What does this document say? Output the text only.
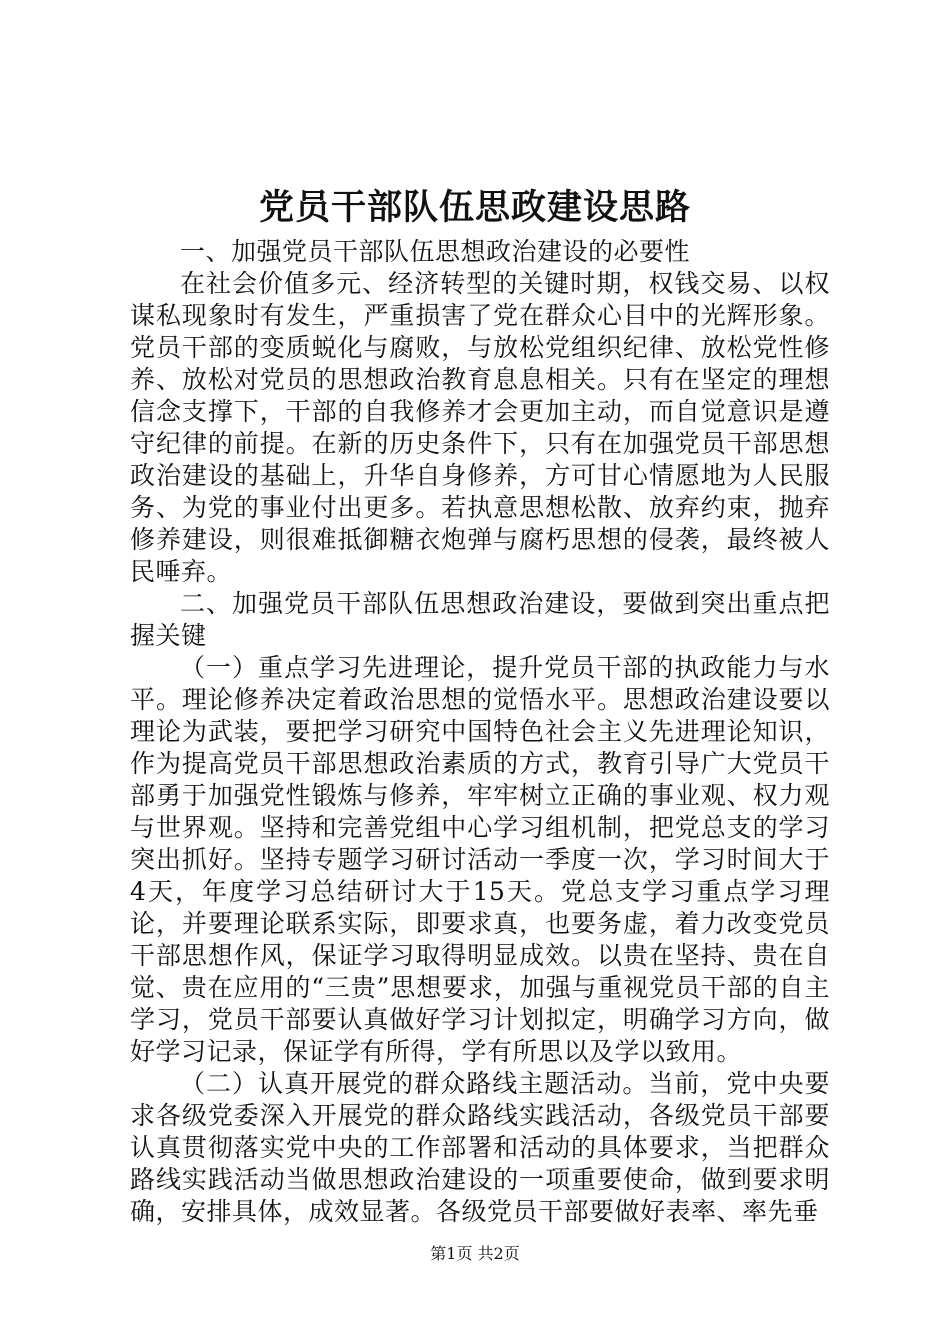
党员干部队伍思政建设思路

一、加强党员干部队伍思想政治建设的必要性

在社会价值多元、经济转型的关键时期，权钱交易、以权谋私现象时有发生，严重损害了党在群众心目中的光辉形象。党员干部的变质蜕化与腐败，与放松党组织纪律、放松党性修养、放松对党员的思想政治教育息息相关。只有在坚定的理想信念支撑下，干部的自我修养才会更加主动，而自觉意识是遵守纪律的前提。在新的历史条件下，只有在加强党员干部思想政治建设的基础上，升华自身修养，方可甘心情愿地为人民服务、为党的事业付出更多。若执意思想松散、放弃约束，抛弃修养建设，则很难抵御糖衣炮弹与腐朽思想的侵袭，最终被人民唾弃。

二、加强党员干部队伍思想政治建设，要做到突出重点把握关键

（一）重点学习先进理论，提升党员干部的执政能力与水平。理论修养决定着政治思想的觉悟水平。思想政治建设要以理论为武装，要把学习研究中国特色社会主义先进理论知识，作为提高党员干部思想政治素质的方式，教育引导广大党员干部勇于加强党性锻炼与修养，牢牢树立正确的事业观、权力观与世界观。坚持和完善党组中心学习组机制，把党总支的学习突出抓好。坚持专题学习研讨活动一季度一次，学习时间大于4天，年度学习总结研讨大于15天。党总支学习重点学习理论，并要理论联系实际，即要求真，也要务虚，着力改变党员干部思想作风，保证学习取得明显成效。以贵在坚持、贵在自觉、贵在应用的“三贵”思想要求，加强与重视党员干部的自主学习，党员干部要认真做好学习计划拟定，明确学习方向，做好学习记录，保证学有所得，学有所思以及学以致用。

（二）认真开展党的群众路线主题活动。当前，党中央要求各级党委深入开展党的群众路线实践活动，各级党员干部要认真贯彻落实党中央的工作部署和活动的具体要求，当把群众路线实践活动当做思想政治建设的一项重要使命，做到要求明确，安排具体，成效显著。各级党员干部要做好表率、率先垂

第1页 共2页
